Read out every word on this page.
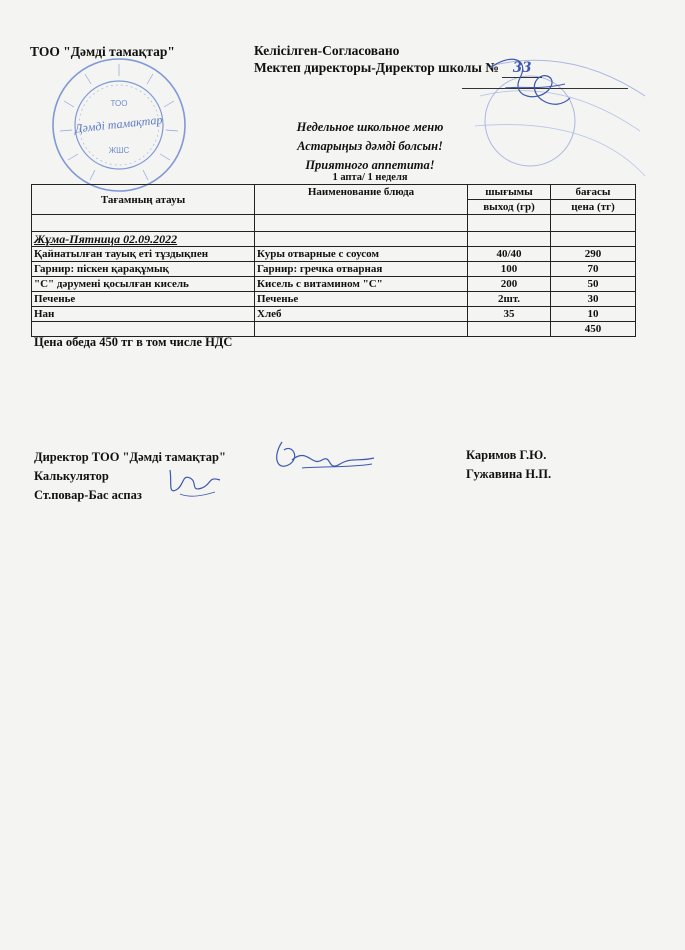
ТОО
Дәмді тамақтар
ЖШС
ТОО "Дәмді тамақтар"	Келісілген-Согласовано
Мектеп директоры-Директор школы № 33
Недельное школьное меню
Астарыңыз дәмді болсын!
Приятного аппетита!
1 апта/ 1 неделя
Тағамның атауы	Наименование блюда	шығымы	бағасы
		выход (гр)	цена (тг)

Жұма-Пятница 02.09.2022			
Қайнатылған тауық еті тұздықпен	Куры отварные с соусом	40/40	290
Гарнир: піскен қарақұмық	Гарнир: гречка отварная	100	70
"С" дәрумені қосылған кисель	Кисель с витамином "С"	200	50
Печенье	Печенье	2шт.	30
Нан	Хлеб	35	10
			450
Цена обеда 450 тг в том числе НДС
Директор ТОО "Дәмді тамақтар"
Калькулятор
Ст.повар-Бас аспаз
Каримов Г.Ю.
Гужавина Н.П.
